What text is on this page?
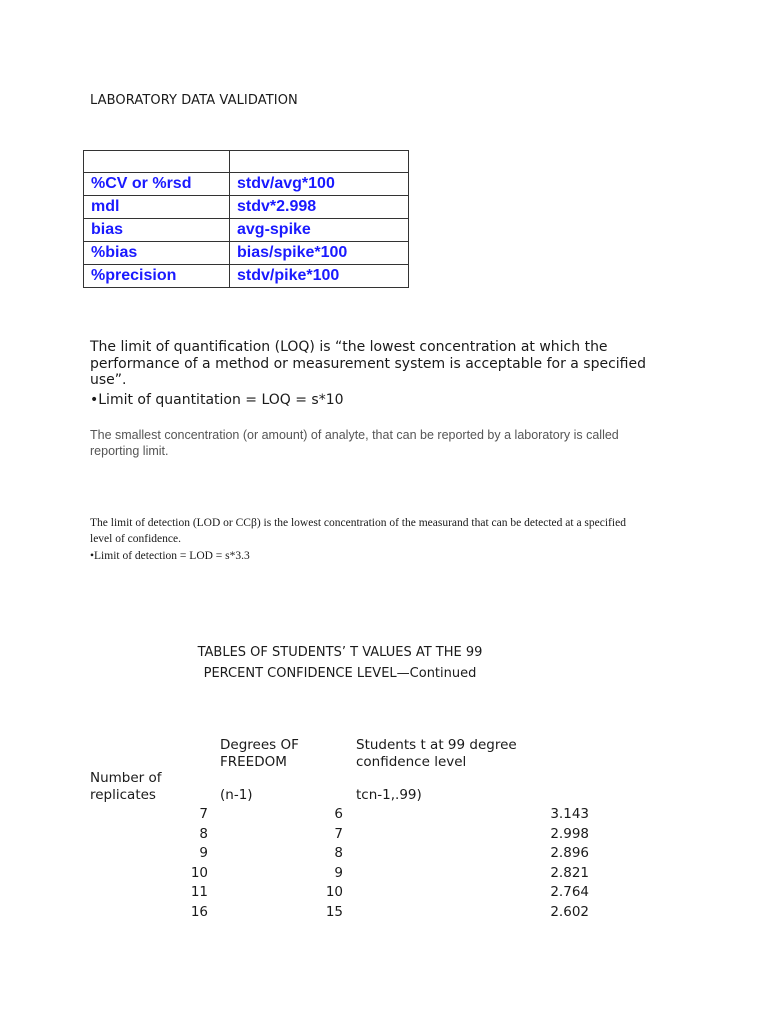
LABORATORY DATA VALIDATION

%CV or %rsd	stdv/avg*100
mdl	stdv*2.998
bias	avg-spike
%bias	bias/spike*100
%precision	stdv/pike*100
The limit of quantification (LOQ) is “the lowest concentration at which the performance of a method or measurement system is acceptable for a specified use”.
•Limit of quantitation = LOQ = s*10
The smallest concentration (or amount) of analyte, that can be reported by a laboratory is called reporting limit.
The limit of detection (LOD or CCβ) is the lowest concentration of the measurand that can be detected at a specified level of confidence.
•Limit of detection = LOD = s*3.3
TABLES OF STUDENTS’ T VALUES AT THE 99
PERCENT CONFIDENCE LEVEL—Continued
Degrees OF FREEDOM
Students t at 99 degree confidence level
Number of replicates	(n-1)	tcn-1,.99)
7	6	3.143
8	7	2.998
9	8	2.896
10	9	2.821
11	10	2.764
16	15	2.602
